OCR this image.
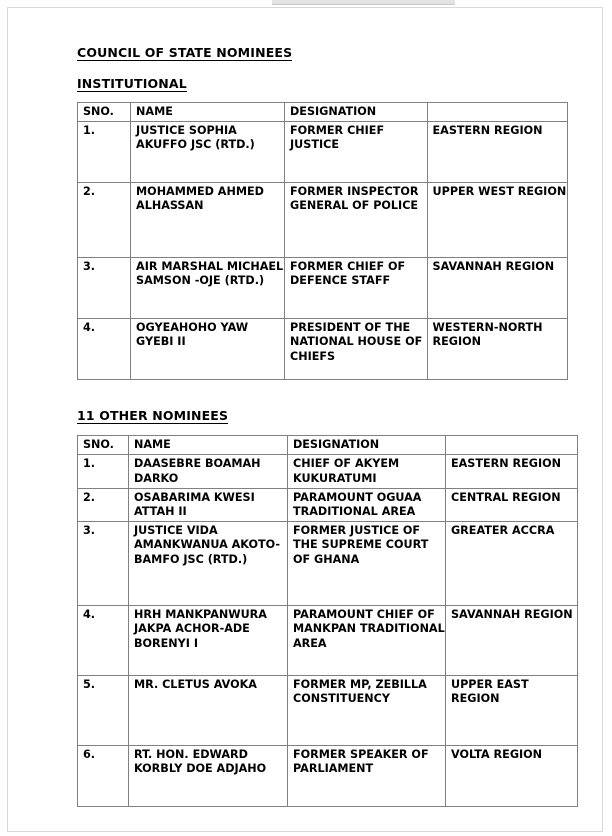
COUNCIL OF STATE NOMINEES
INSTITUTIONAL
SNO.	NAME	DESIGNATION	
1.	JUSTICE SOPHIA AKUFFO JSC (RTD.)	FORMER CHIEF JUSTICE	EASTERN REGION
2.	MOHAMMED AHMED ALHASSAN	FORMER INSPECTOR GENERAL OF POLICE	UPPER WEST REGION
3.	AIR MARSHAL MICHAEL SAMSON -OJE (RTD.)	FORMER CHIEF OF DEFENCE STAFF	SAVANNAH REGION
4.	OGYEAHOHO YAW GYEBI II	PRESIDENT OF THE NATIONAL HOUSE OF CHIEFS	WESTERN-NORTH REGION
11 OTHER NOMINEES
SNO.	NAME	DESIGNATION	
1.	DAASEBRE BOAMAH DARKO	CHIEF OF AKYEM KUKURATUMI	EASTERN REGION
2.	OSABARIMA KWESI ATTAH II	PARAMOUNT OGUAA TRADITIONAL AREA	CENTRAL REGION
3.	JUSTICE VIDA AMANKWANUA AKOTO-BAMFO JSC (RTD.)	FORMER JUSTICE OF THE SUPREME COURT OF GHANA	GREATER ACCRA
4.	HRH MANKPANWURA JAKPA ACHOR-ADE BORENYI I	PARAMOUNT CHIEF OF MANKPAN TRADITIONAL AREA	SAVANNAH REGION
5.	MR. CLETUS AVOKA	FORMER MP, ZEBILLA CONSTITUENCY	UPPER EAST REGION
6.	RT. HON. EDWARD KORBLY DOE ADJAHO	FORMER SPEAKER OF PARLIAMENT	VOLTA REGION
